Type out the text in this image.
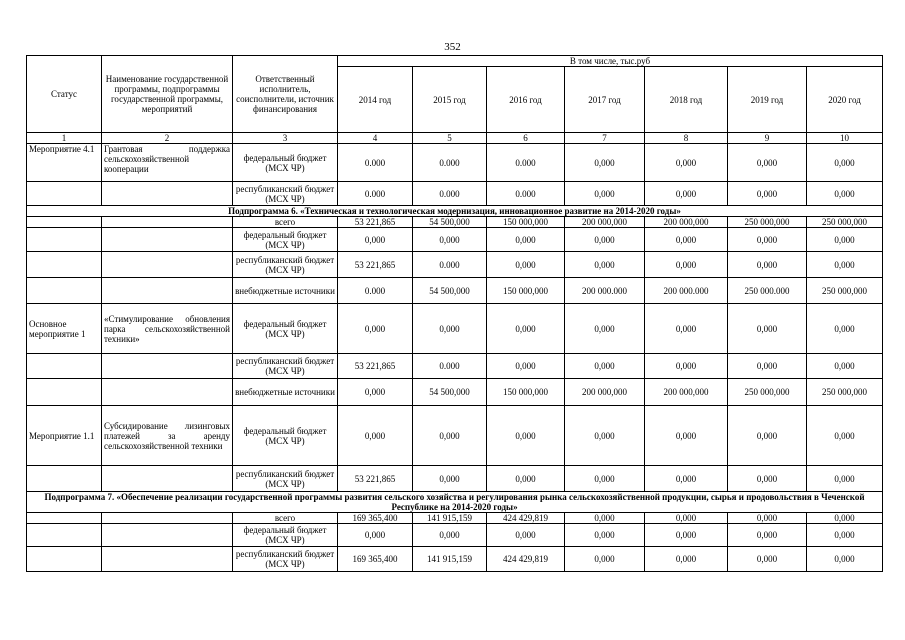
352
Статус	Наименование государственной программы, подпрограммы государственной программы, мероприятий	Ответственный исполнитель, соисполнители, источник финансирования	В том числе, тыс.руб						
			2014 год	2015 год	2016 год	2017 год	2018 год	2019 год	2020 год
1	2	3	4	5	6	7	8	9	10
Мероприятие 4.1	Грантовая поддержка сельскохозяйственной кооперации	федеральный бюджет (МСХ ЧР)	0.000	0.000	0.000	0,000	0,000	0,000	0,000
		республиканский бюджет (МСХ ЧР)	0.000	0.000	0.000	0,000	0,000	0,000	0,000
Подпрограмма 6. «Техническая и технологическая модернизация, инновационное развитие на 2014-2020 годы»									
		всего	53 221,865	54 500,000	150 000,000	200 000,000	200 000,000	250 000,000	250 000,000
		федеральный бюджет (МСХ ЧР)	0,000	0,000	0,000	0,000	0,000	0,000	0,000
		республиканский бюджет (МСХ ЧР)	53 221,865	0.000	0,000	0,000	0,000	0,000	0,000
		внебюджетные источники	0.000	54 500,000	150 000,000	200 000.000	200 000.000	250 000.000	250 000,000
Основное мероприятие 1	«Стимулирование обновления парка сельскохозяйственной техники»	федеральный бюджет (МСХ ЧР)	0,000	0,000	0,000	0,000	0,000	0,000	0,000
		республиканский бюджет (МСХ ЧР)	53 221,865	0.000	0,000	0,000	0,000	0,000	0,000
		внебюджетные источники	0,000	54 500,000	150 000,000	200 000,000	200 000,000	250 000,000	250 000,000
Мероприятие 1.1	Субсидирование лизинговых платежей за аренду сельскохозяйственной техники	федеральный бюджет (МСХ ЧР)	0,000	0,000	0,000	0,000	0,000	0,000	0,000
		республиканский бюджет (МСХ ЧР)	53 221,865	0,000	0,000	0,000	0,000	0,000	0,000
Подпрограмма 7. «Обеспечение реализации государственной программы развития сельского хозяйства и регулирования рынка сельскохозяйственной продукции, сырья и продовольствия в Чеченской Республике на 2014-2020 годы»									
		всего	169 365,400	141 915,159	424 429,819	0,000	0,000	0,000	0,000
		федеральный бюджет (МСХ ЧР)	0,000	0,000	0,000	0,000	0,000	0,000	0,000
		республиканский бюджет (МСХ ЧР)	169 365,400	141 915,159	424 429,819	0,000	0,000	0,000	0,000
